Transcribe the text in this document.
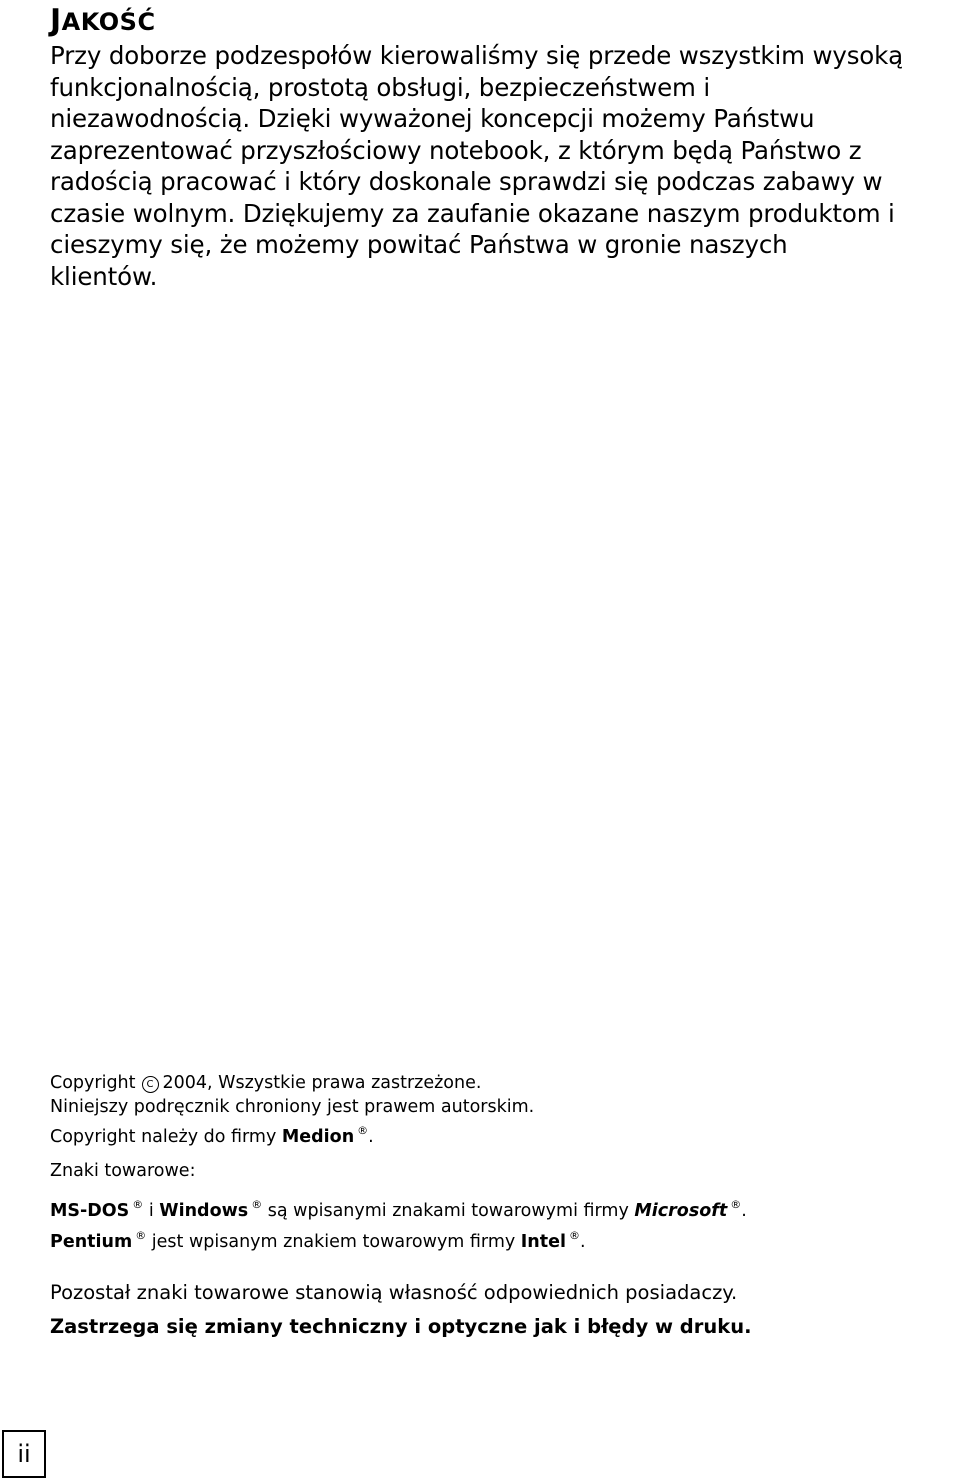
JAKOŚĆ

Przy doborze podzespołów kierowaliśmy się przede wszystkim wysoką
funkcjonalnością, prostotą obsługi, bezpieczeństwem i
niezawodnością. Dzięki wyważonej koncepcji możemy Państwu
zaprezentować przyszłościowy notebook, z którym będą Państwo z
radością pracować i który doskonale sprawdzi się podczas zabawy w
czasie wolnym. Dziękujemy za zaufanie okazane naszym produktom i
cieszymy się, że możemy powitać Państwa w gronie naszych
klientów.

Copyright C 2004, Wszystkie prawa zastrzeżone.
Niniejszy podręcznik chroniony jest prawem autorskim.
Copyright należy do firmy Medion ®.
Znaki towarowe:
MS-DOS ® i Windows ® są wpisanymi znakami towarowymi firmy Microsoft ®.
Pentium ® jest wpisanym znakiem towarowym firmy Intel ®.
Pozostał znaki towarowe stanowią własność odpowiednich posiadaczy.
Zastrzega się zmiany techniczny i optyczne jak i błędy w druku.
ii
